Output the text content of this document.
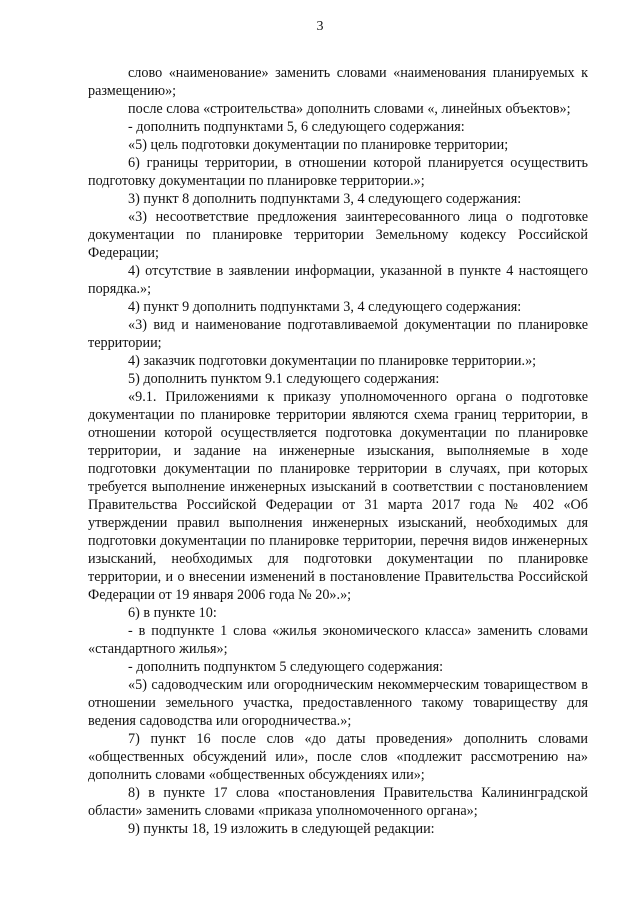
3

слово «наименование» заменить словами «наименования планируемых к размещению»;

после слова «строительства» дополнить словами «, линейных объектов»;

- дополнить подпунктами 5, 6 следующего содержания:

«5) цель подготовки документации по планировке территории;

6) границы территории, в отношении которой планируется осуществить подготовку документации по планировке территории.»;

3) пункт 8 дополнить подпунктами 3, 4 следующего содержания:

«3) несоответствие предложения заинтересованного лица о подготовке документации по планировке территории Земельному кодексу Российской Федерации;

4) отсутствие в заявлении информации, указанной в пункте 4 настоящего порядка.»;

4) пункт 9 дополнить подпунктами 3, 4 следующего содержания:

«3) вид и наименование подготавливаемой документации по планировке территории;

4) заказчик подготовки документации по планировке территории.»;

5) дополнить пунктом 9.1 следующего содержания:

«9.1. Приложениями к приказу уполномоченного органа о подготовке документации по планировке территории являются схема границ территории, в отношении которой осуществляется подготовка документации по планировке территории, и задание на инженерные изыскания, выполняемые в ходе подготовки документации по планировке территории в случаях, при которых требуется выполнение инженерных изысканий в соответствии с постановлением Правительства Российской Федерации от 31 марта 2017 года № 402 «Об утверждении правил выполнения инженерных изысканий, необходимых для подготовки документации по планировке территории, перечня видов инженерных изысканий, необходимых для подготовки документации по планировке территории, и о внесении изменений в постановление Правительства Российской Федерации от 19 января 2006 года № 20».»;

6) в пункте 10:

- в подпункте 1 слова «жилья экономического класса» заменить словами «стандартного жилья»;

- дополнить подпунктом 5 следующего содержания:

«5) садоводческим или огородническим некоммерческим товариществом в отношении земельного участка, предоставленного такому товариществу для ведения садоводства или огородничества.»;

7) пункт 16 после слов «до даты проведения» дополнить словами «общественных обсуждений или», после слов «подлежит рассмотрению на» дополнить словами «общественных обсуждениях или»;

8) в пункте 17 слова «постановления Правительства Калининградской области» заменить словами «приказа уполномоченного органа»;

9) пункты 18, 19 изложить в следующей редакции:
